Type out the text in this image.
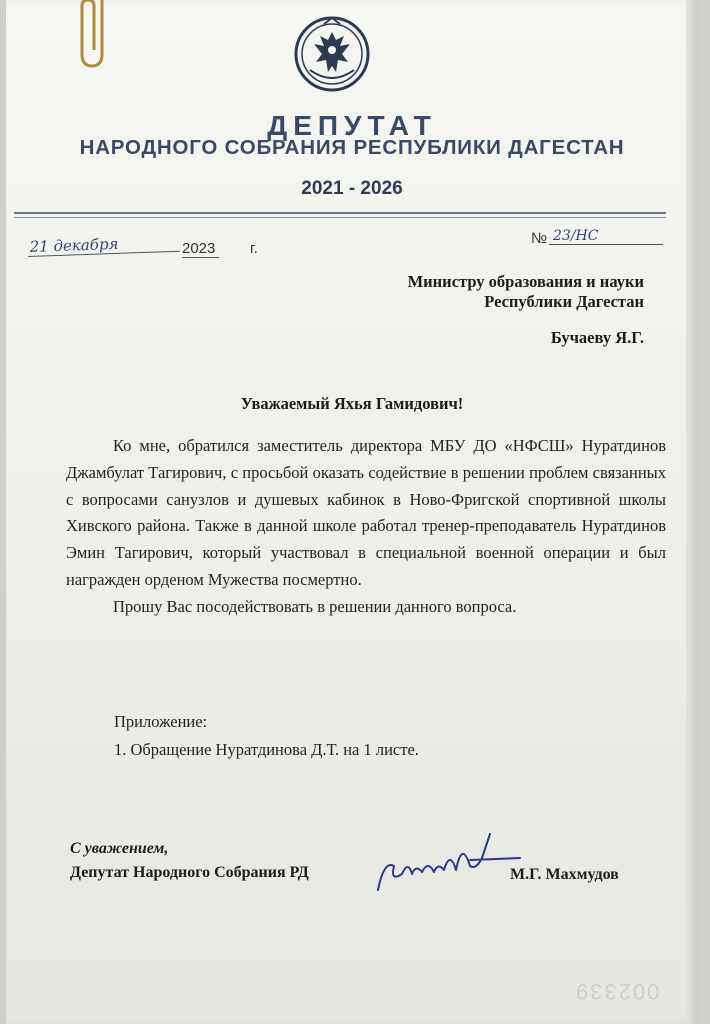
ДЕПУТАТ
НАРОДНОГО СОБРАНИЯ РЕСПУБЛИКИ ДАГЕСТАН
2021 - 2026
21 декабря	2023 г.
№ 23/НС
Министру образования и науки
Республики Дагестан
Бучаеву Я.Г.
Уважаемый Яхья Гамидович!

Ко мне, обратился заместитель директора МБУ ДО «НФСШ» Нуратдинов Джамбулат Тагирович, с просьбой оказать содействие в решении проблем связанных с вопросами санузлов и душевых кабинок в Ново-Фригской спортивной школы Хивского района. Также в данной школе работал тренер-преподаватель Нуратдинов Эмин Тагирович, который участвовал в специальной военной операции и был награжден орденом Мужества посмертно.

Прошу Вас посодействовать в решении данного вопроса.

Приложение:
1. Обращение Нуратдинова Д.Т. на 1 листе.
С уважением,
Депутат Народного Собрания РД	М.Г. Махмудов
002339
